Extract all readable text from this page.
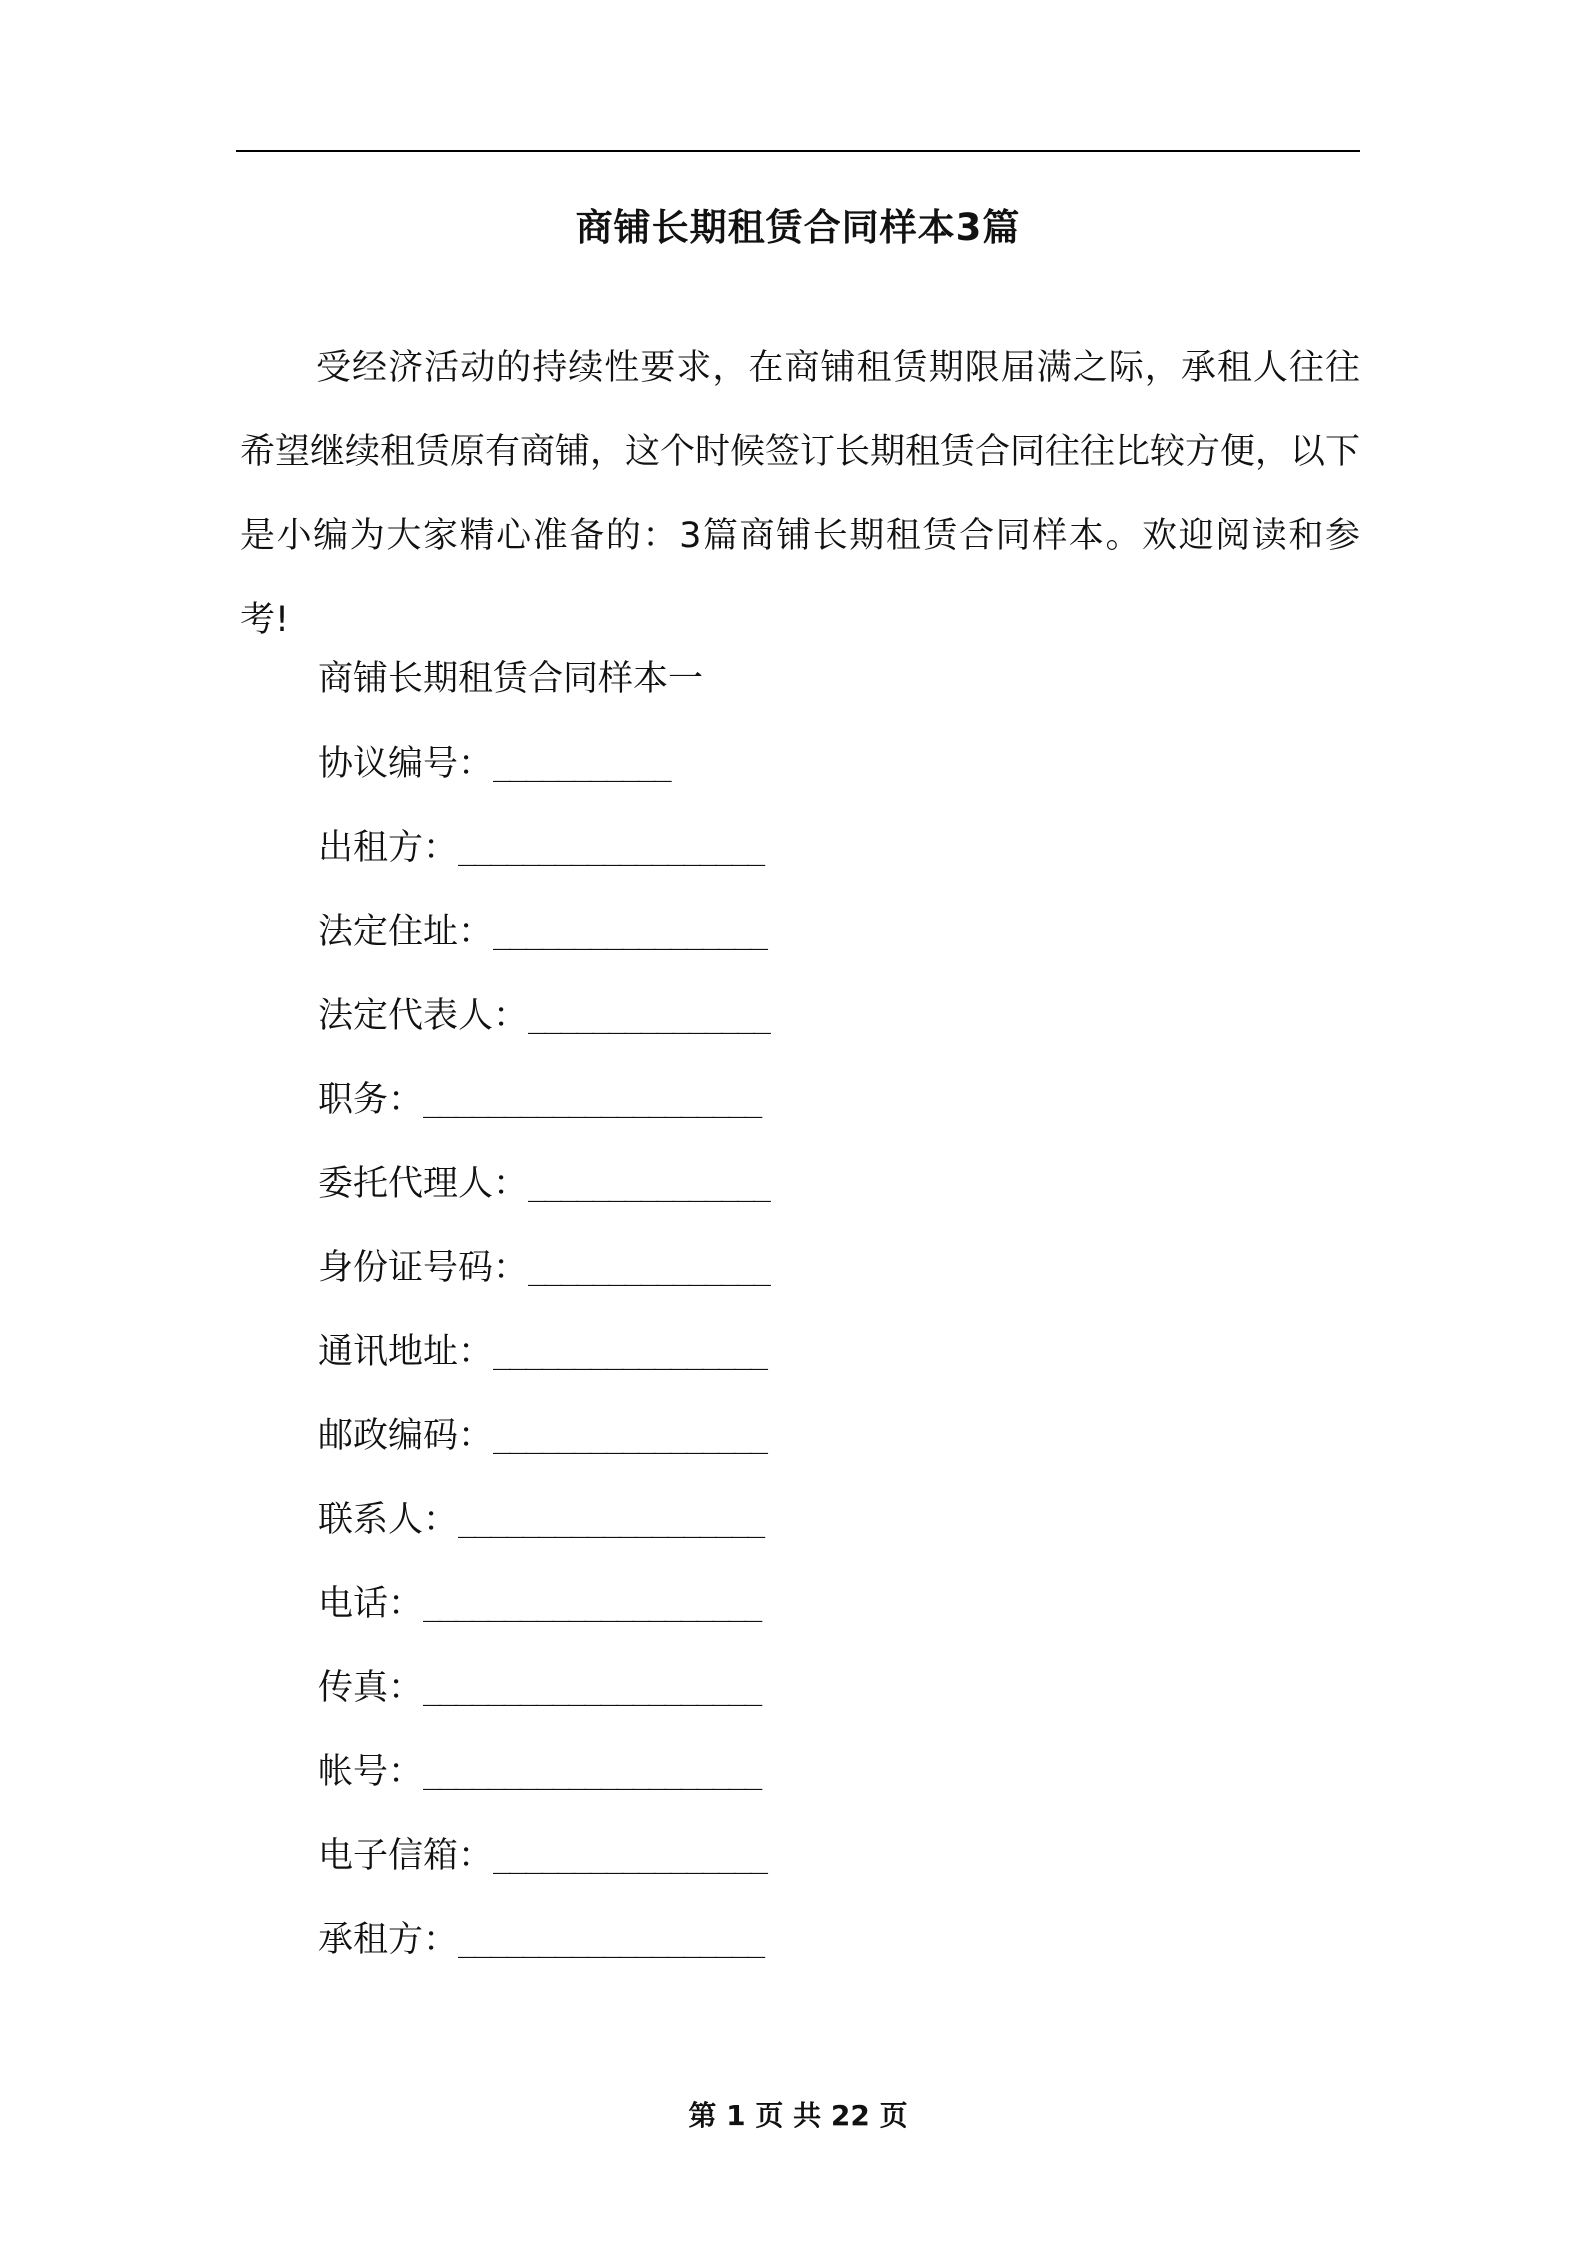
商铺长期租赁合同样本3篇

受经济活动的持续性要求，在商铺租赁期限届满之际，承租人往往希望继续租赁原有商铺，这个时候签订长期租赁合同往往比较方便，以下是小编为大家精心准备的：3篇商铺长期租赁合同样本。欢迎阅读和参考!

商铺长期租赁合同样本一
协议编号：___________
出租方：___________________
法定住址：_________________
法定代表人：_______________
职务：_____________________
委托代理人：_______________
身份证号码：_______________
通讯地址：_________________
邮政编码：_________________
联系人：___________________
电话：_____________________
传真：_____________________
帐号：_____________________
电子信箱：_________________
承租方：___________________
第 1 页 共 22 页
